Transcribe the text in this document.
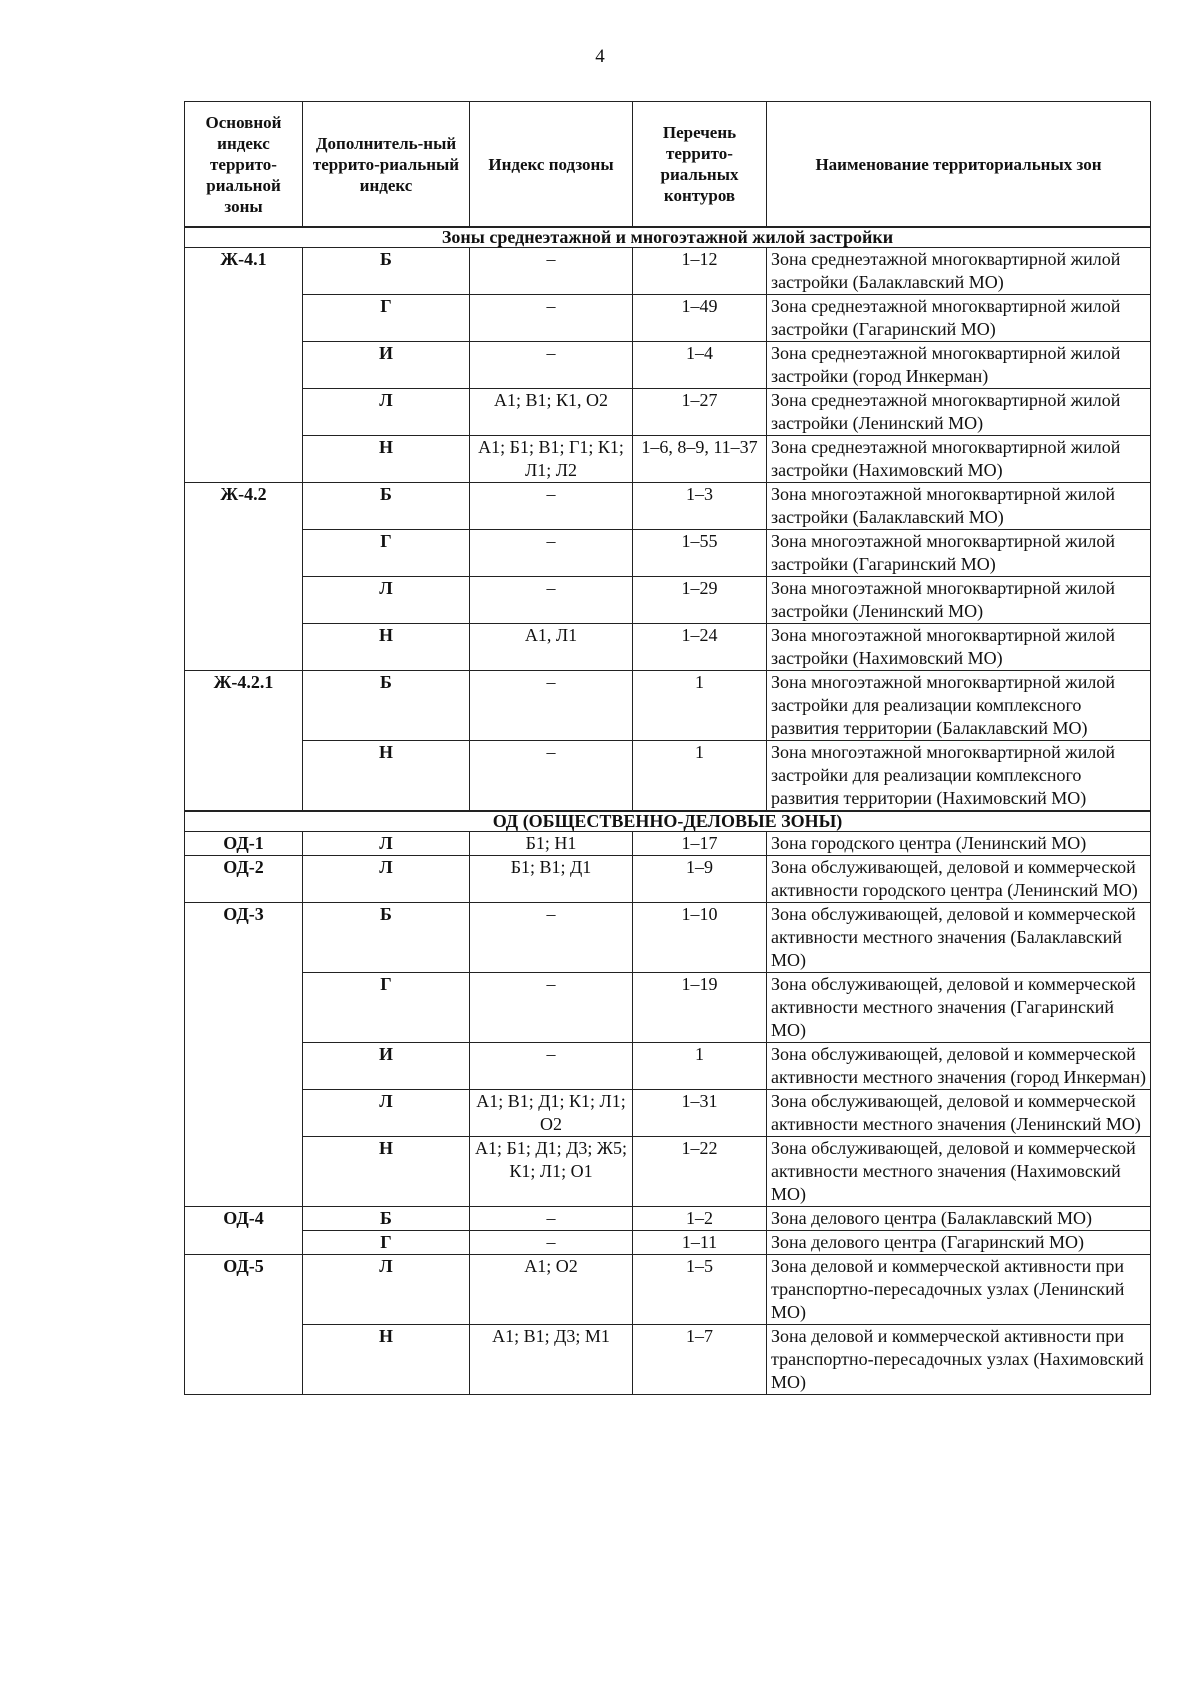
4
Основной индекс террито-риальной зоны	Дополнитель-ный террито-риальный индекс	Индекс подзоны	Перечень террито-риальных контуров	Наименование территориальных зон
Зоны среднеэтажной и многоэтажной жилой застройки				
Ж-4.1	Б	–	1–12	Зона среднеэтажной многоквартирной жилой застройки (Балаклавский МО)
	Г	–	1–49	Зона среднеэтажной многоквартирной жилой застройки (Гагаринский МО)
	И	–	1–4	Зона среднеэтажной многоквартирной жилой застройки (город Инкерман)
	Л	А1; В1; К1, О2	1–27	Зона среднеэтажной многоквартирной жилой застройки (Ленинский МО)
	Н	А1; Б1; В1; Г1; К1; Л1; Л2	1–6, 8–9, 11–37	Зона среднеэтажной многоквартирной жилой застройки (Нахимовский МО)
Ж-4.2	Б	–	1–3	Зона многоэтажной многоквартирной жилой застройки (Балаклавский МО)
	Г	–	1–55	Зона многоэтажной многоквартирной жилой застройки (Гагаринский МО)
	Л	–	1–29	Зона многоэтажной многоквартирной жилой застройки (Ленинский МО)
	Н	А1, Л1	1–24	Зона многоэтажной многоквартирной жилой застройки (Нахимовский МО)
Ж-4.2.1	Б	–	1	Зона многоэтажной многоквартирной жилой застройки для реализации комплексного развития территории (Балаклавский МО)
	Н	–	1	Зона многоэтажной многоквартирной жилой застройки для реализации комплексного развития территории (Нахимовский МО)
ОД (ОБЩЕСТВЕННО-ДЕЛОВЫЕ ЗОНЫ)				
ОД-1	Л	Б1; Н1	1–17	Зона городского центра (Ленинский МО)
ОД-2	Л	Б1; В1; Д1	1–9	Зона обслуживающей, деловой и коммерческой активности городского центра (Ленинский МО)
ОД-3	Б	–	1–10	Зона обслуживающей, деловой и коммерческой активности местного значения (Балаклавский МО)
	Г	–	1–19	Зона обслуживающей, деловой и коммерческой активности местного значения (Гагаринский МО)
	И	–	1	Зона обслуживающей, деловой и коммерческой активности местного значения (город Инкерман)
	Л	А1; В1; Д1; К1; Л1; О2	1–31	Зона обслуживающей, деловой и коммерческой активности местного значения (Ленинский МО)
	Н	А1; Б1; Д1; Д3; Ж5; К1; Л1; О1	1–22	Зона обслуживающей, деловой и коммерческой активности местного значения (Нахимовский МО)
ОД-4	Б	–	1–2	Зона делового центра (Балаклавский МО)
	Г	–	1–11	Зона делового центра (Гагаринский МО)
ОД-5	Л	А1; О2	1–5	Зона деловой и коммерческой активности при транспортно-пересадочных узлах (Ленинский МО)
	Н	А1; В1; Д3; М1	1–7	Зона деловой и коммерческой активности при транспортно-пересадочных узлах (Нахимовский МО)
